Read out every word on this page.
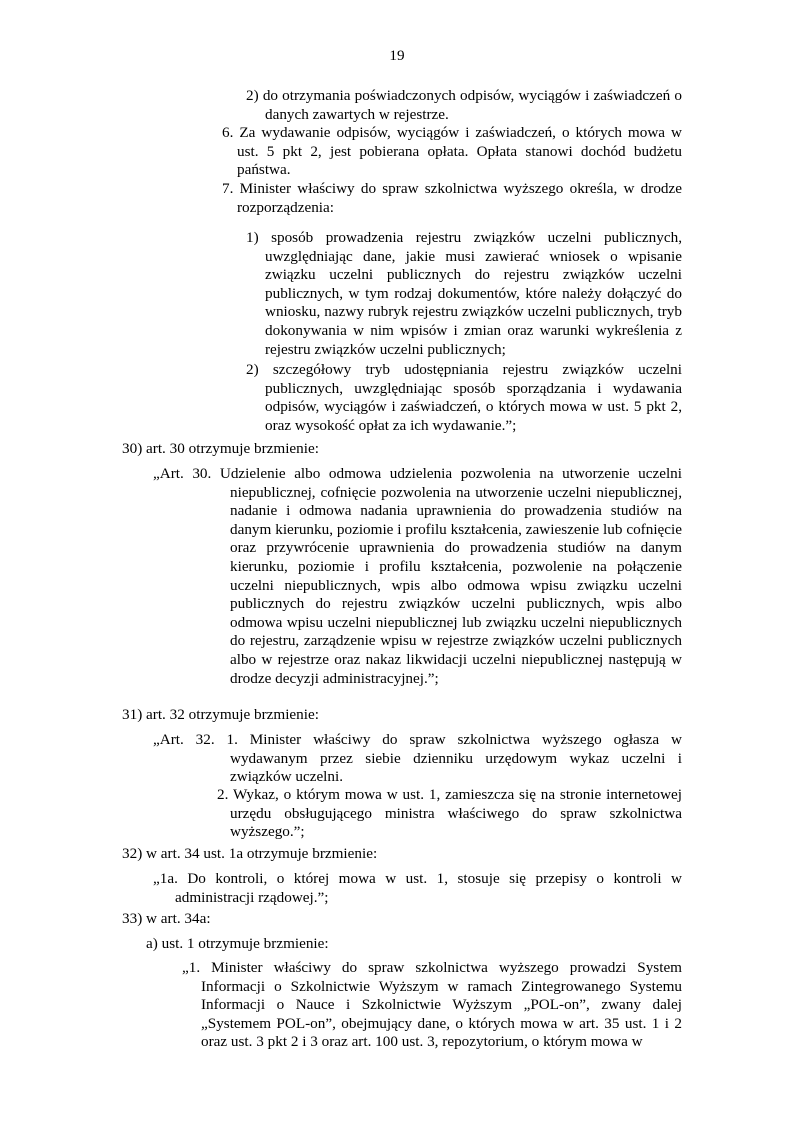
19
2) do otrzymania poświadczonych odpisów, wyciągów i zaświadczeń o danych zawartych w rejestrze.
6. Za wydawanie odpisów, wyciągów i zaświadczeń, o których mowa w ust. 5 pkt 2, jest pobierana opłata. Opłata stanowi dochód budżetu państwa.
7. Minister właściwy do spraw szkolnictwa wyższego określa, w drodze rozporządzenia:
1) sposób prowadzenia rejestru związków uczelni publicznych, uwzględniając dane, jakie musi zawierać wniosek o wpisanie związku uczelni publicznych do rejestru związków uczelni publicznych, w tym rodzaj dokumentów, które należy dołączyć do wniosku, nazwy rubryk rejestru związków uczelni publicznych, tryb dokonywania w nim wpisów i zmian oraz warunki wykreślenia z rejestru związków uczelni publicznych;
2) szczegółowy tryb udostępniania rejestru związków uczelni publicznych, uwzględniając sposób sporządzania i wydawania odpisów, wyciągów i zaświadczeń, o których mowa w ust. 5 pkt 2, oraz wysokość opłat za ich wydawanie.”;
30) art. 30 otrzymuje brzmienie:
„Art. 30. Udzielenie albo odmowa udzielenia pozwolenia na utworzenie uczelni niepublicznej, cofnięcie pozwolenia na utworzenie uczelni niepublicznej, nadanie i odmowa nadania uprawnienia do prowadzenia studiów na danym kierunku, poziomie i profilu kształcenia, zawieszenie lub cofnięcie oraz przywrócenie uprawnienia do prowadzenia studiów na danym kierunku, poziomie i profilu kształcenia, pozwolenie na połączenie uczelni niepublicznych, wpis albo odmowa wpisu związku uczelni publicznych do rejestru związków uczelni publicznych, wpis albo odmowa wpisu uczelni niepublicznej lub związku uczelni niepublicznych do rejestru, zarządzenie wpisu w rejestrze związków uczelni publicznych albo w rejestrze oraz nakaz likwidacji uczelni niepublicznej następują w drodze decyzji administracyjnej.”;
31) art. 32 otrzymuje brzmienie:
„Art. 32. 1. Minister właściwy do spraw szkolnictwa wyższego ogłasza w wydawanym przez siebie dzienniku urzędowym wykaz uczelni i związków uczelni.
2. Wykaz, o którym mowa w ust. 1, zamieszcza się na stronie internetowej urzędu obsługującego ministra właściwego do spraw szkolnictwa wyższego.”;
32) w art. 34 ust. 1a otrzymuje brzmienie:
„1a. Do kontroli, o której mowa w ust. 1, stosuje się przepisy o kontroli w administracji rządowej.”;
33) w art. 34a:
a) ust. 1 otrzymuje brzmienie:
„1. Minister właściwy do spraw szkolnictwa wyższego prowadzi System Informacji o Szkolnictwie Wyższym w ramach Zintegrowanego Systemu Informacji o Nauce i Szkolnictwie Wyższym „POL-on”, zwany dalej „Systemem POL-on”, obejmujący dane, o których mowa w art. 35 ust. 1 i 2 oraz ust. 3 pkt 2 i 3 oraz art. 100 ust. 3, repozytorium, o którym mowa w
